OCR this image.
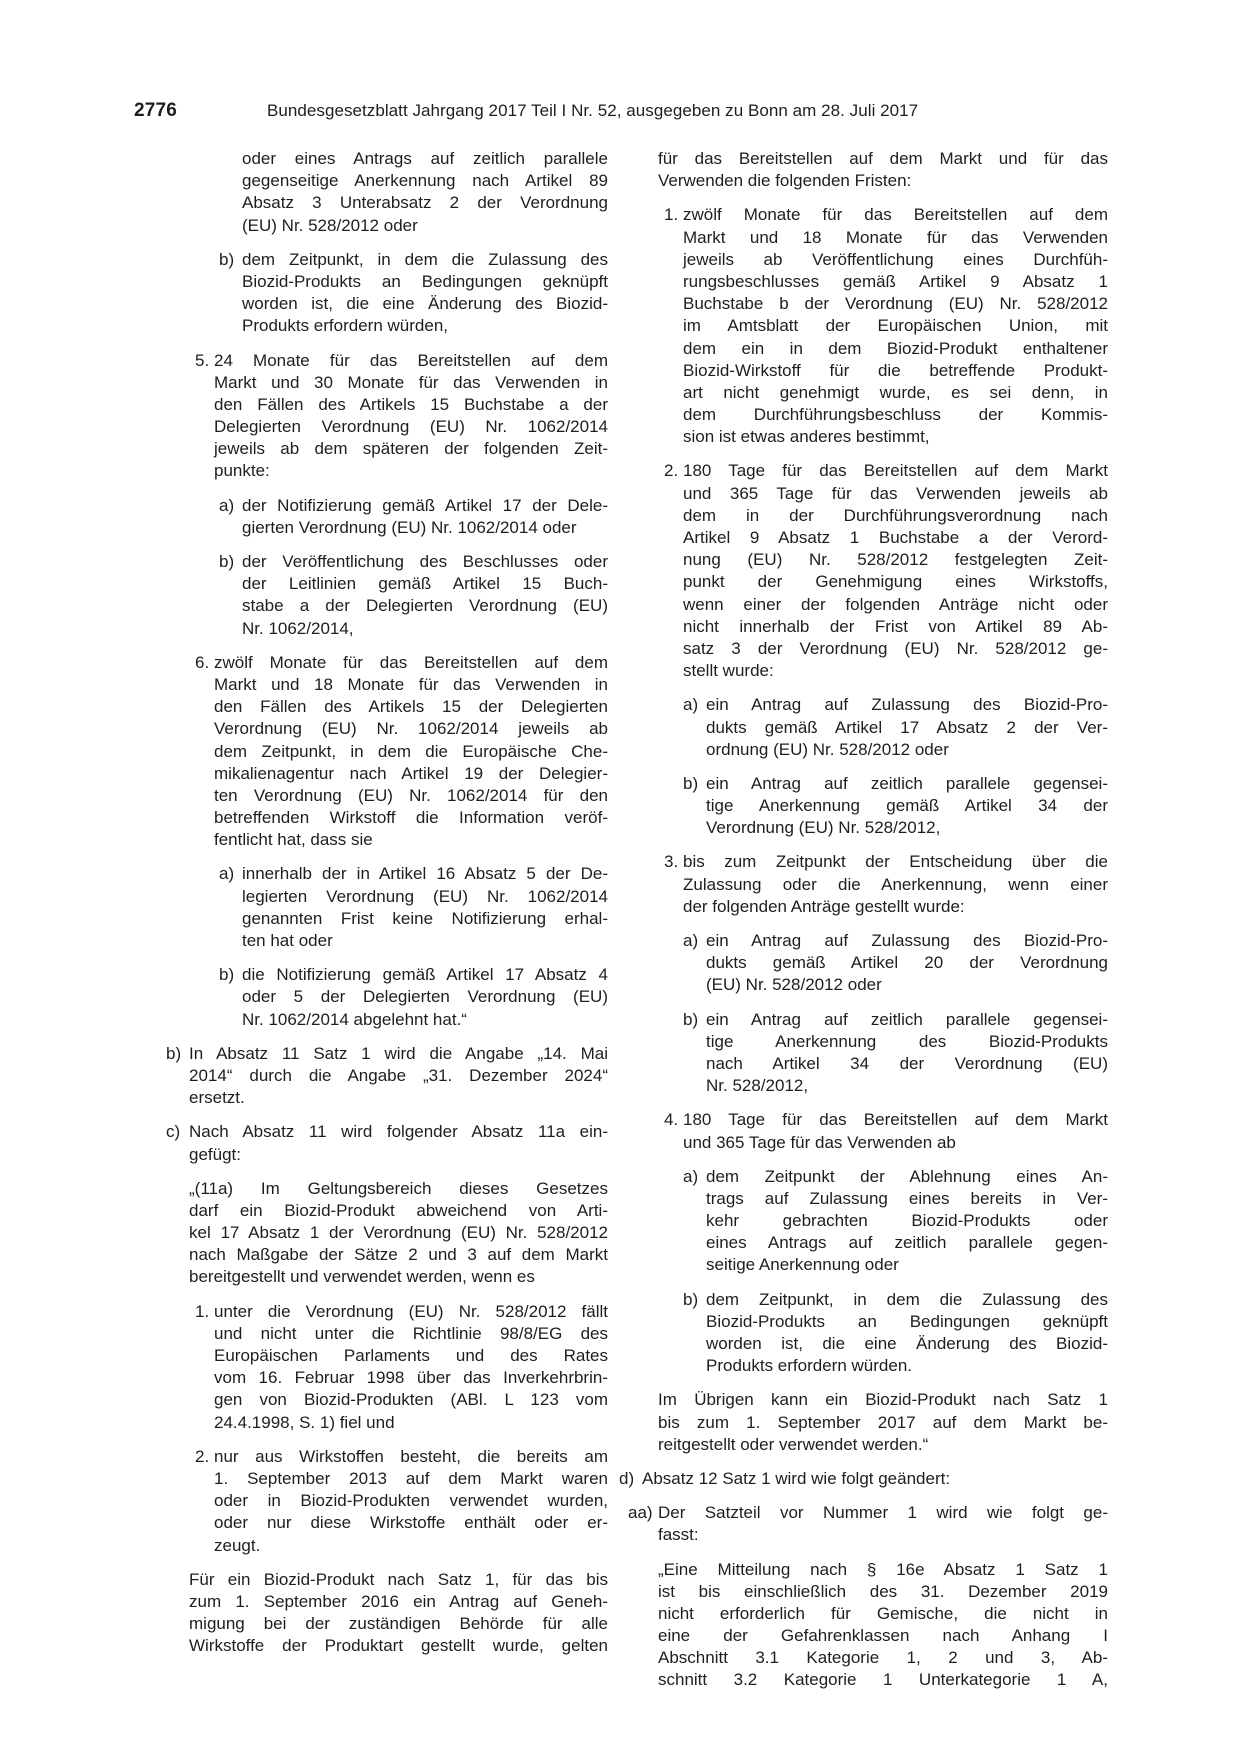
2776	Bundesgesetzblatt Jahrgang 2017 Teil I Nr. 52, ausgegeben zu Bonn am 28. Juli 2017
oder eines Antrags auf zeitlich parallele
gegenseitige Anerkennung nach Artikel 89
Absatz 3 Unterabsatz 2 der Verordnung
(EU) Nr. 528/2012 oder
b) dem Zeitpunkt, in dem die Zulassung des
Biozid-Produkts an Bedingungen geknüpft
worden ist, die eine Änderung des Biozid-
Produkts erfordern würden,
5. 24 Monate für das Bereitstellen auf dem
Markt und 30 Monate für das Verwenden in
den Fällen des Artikels 15 Buchstabe a der
Delegierten Verordnung (EU) Nr. 1062/2014
jeweils ab dem späteren der folgenden Zeit-
punkte:
a) der Notifizierung gemäß Artikel 17 der Dele-
gierten Verordnung (EU) Nr. 1062/2014 oder
b) der Veröffentlichung des Beschlusses oder
der Leitlinien gemäß Artikel 15 Buch-
stabe a der Delegierten Verordnung (EU)
Nr. 1062/2014,
6. zwölf Monate für das Bereitstellen auf dem
Markt und 18 Monate für das Verwenden in
den Fällen des Artikels 15 der Delegierten
Verordnung (EU) Nr. 1062/2014 jeweils ab
dem Zeitpunkt, in dem die Europäische Che-
mikalienagentur nach Artikel 19 der Delegier-
ten Verordnung (EU) Nr. 1062/2014 für den
betreffenden Wirkstoff die Information veröf-
fentlicht hat, dass sie
a) innerhalb der in Artikel 16 Absatz 5 der De-
legierten Verordnung (EU) Nr. 1062/2014
genannten Frist keine Notifizierung erhal-
ten hat oder
b) die Notifizierung gemäß Artikel 17 Absatz 4
oder 5 der Delegierten Verordnung (EU)
Nr. 1062/2014 abgelehnt hat.“
b) In Absatz 11 Satz 1 wird die Angabe „14. Mai
2014“ durch die Angabe „31. Dezember 2024“
ersetzt.
c) Nach Absatz 11 wird folgender Absatz 11a ein-
gefügt:
„(11a) Im Geltungsbereich dieses Gesetzes
darf ein Biozid-Produkt abweichend von Arti-
kel 17 Absatz 1 der Verordnung (EU) Nr. 528/2012
nach Maßgabe der Sätze 2 und 3 auf dem Markt
bereitgestellt und verwendet werden, wenn es
1. unter die Verordnung (EU) Nr. 528/2012 fällt
und nicht unter die Richtlinie 98/8/EG des
Europäischen Parlaments und des Rates
vom 16. Februar 1998 über das Inverkehrbrin-
gen von Biozid-Produkten (ABl. L 123 vom
24.4.1998, S. 1) fiel und
2. nur aus Wirkstoffen besteht, die bereits am
1. September 2013 auf dem Markt waren
oder in Biozid-Produkten verwendet wurden,
oder nur diese Wirkstoffe enthält oder er-
zeugt.
Für ein Biozid-Produkt nach Satz 1, für das bis
zum 1. September 2016 ein Antrag auf Geneh-
migung bei der zuständigen Behörde für alle
Wirkstoffe der Produktart gestellt wurde, gelten
für das Bereitstellen auf dem Markt und für das
Verwenden die folgenden Fristen:
1. zwölf Monate für das Bereitstellen auf dem
Markt und 18 Monate für das Verwenden
jeweils ab Veröffentlichung eines Durchfüh-
rungsbeschlusses gemäß Artikel 9 Absatz 1
Buchstabe b der Verordnung (EU) Nr. 528/2012
im Amtsblatt der Europäischen Union, mit
dem ein in dem Biozid-Produkt enthaltener
Biozid-Wirkstoff für die betreffende Produkt-
art nicht genehmigt wurde, es sei denn, in
dem Durchführungsbeschluss der Kommis-
sion ist etwas anderes bestimmt,
2. 180 Tage für das Bereitstellen auf dem Markt
und 365 Tage für das Verwenden jeweils ab
dem in der Durchführungsverordnung nach
Artikel 9 Absatz 1 Buchstabe a der Verord-
nung (EU) Nr. 528/2012 festgelegten Zeit-
punkt der Genehmigung eines Wirkstoffs,
wenn einer der folgenden Anträge nicht oder
nicht innerhalb der Frist von Artikel 89 Ab-
satz 3 der Verordnung (EU) Nr. 528/2012 ge-
stellt wurde:
a) ein Antrag auf Zulassung des Biozid-Pro-
dukts gemäß Artikel 17 Absatz 2 der Ver-
ordnung (EU) Nr. 528/2012 oder
b) ein Antrag auf zeitlich parallele gegensei-
tige Anerkennung gemäß Artikel 34 der
Verordnung (EU) Nr. 528/2012,
3. bis zum Zeitpunkt der Entscheidung über die
Zulassung oder die Anerkennung, wenn einer
der folgenden Anträge gestellt wurde:
a) ein Antrag auf Zulassung des Biozid-Pro-
dukts gemäß Artikel 20 der Verordnung
(EU) Nr. 528/2012 oder
b) ein Antrag auf zeitlich parallele gegensei-
tige Anerkennung des Biozid-Produkts
nach Artikel 34 der Verordnung (EU)
Nr. 528/2012,
4. 180 Tage für das Bereitstellen auf dem Markt
und 365 Tage für das Verwenden ab
a) dem Zeitpunkt der Ablehnung eines An-
trags auf Zulassung eines bereits in Ver-
kehr gebrachten Biozid-Produkts oder
eines Antrags auf zeitlich parallele gegen-
seitige Anerkennung oder
b) dem Zeitpunkt, in dem die Zulassung des
Biozid-Produkts an Bedingungen geknüpft
worden ist, die eine Änderung des Biozid-
Produkts erfordern würden.
Im Übrigen kann ein Biozid-Produkt nach Satz 1
bis zum 1. September 2017 auf dem Markt be-
reitgestellt oder verwendet werden.“
d) Absatz 12 Satz 1 wird wie folgt geändert:
aa) Der Satzteil vor Nummer 1 wird wie folgt ge-
fasst:
„Eine Mitteilung nach § 16e Absatz 1 Satz 1
ist bis einschließlich des 31. Dezember 2019
nicht erforderlich für Gemische, die nicht in
eine der Gefahrenklassen nach Anhang I
Abschnitt 3.1 Kategorie 1, 2 und 3, Ab-
schnitt 3.2 Kategorie 1 Unterkategorie 1 A,
